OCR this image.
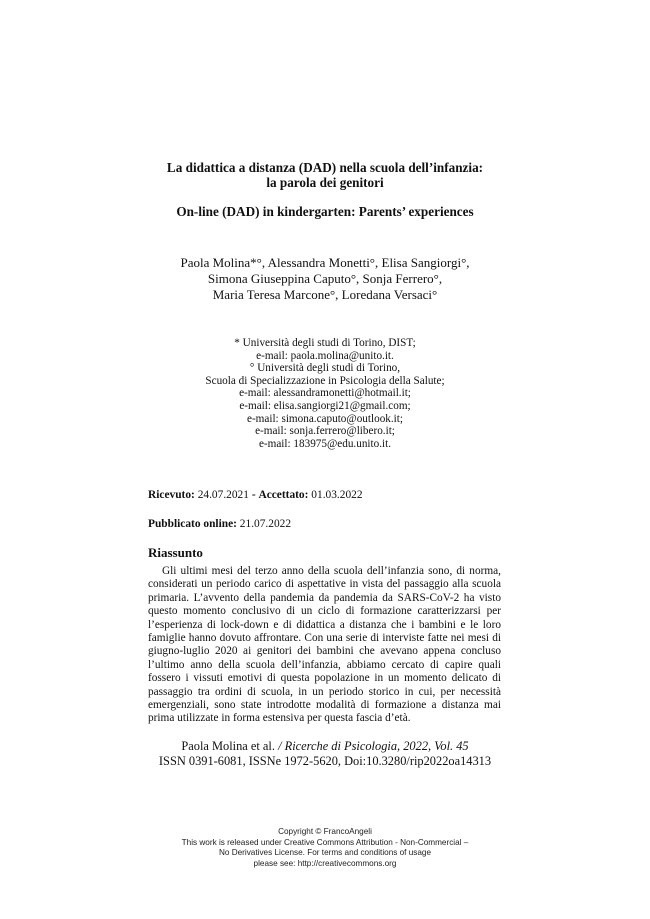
La didattica a distanza (DAD) nella scuola dell’infanzia:
la parola dei genitori
On-line (DAD) in kindergarten: Parents’ experiences
Paola Molina*°, Alessandra Monetti°, Elisa Sangiorgi°,
Simona Giuseppina Caputo°, Sonja Ferrero°,
Maria Teresa Marcone°, Loredana Versaci°
* Università degli studi di Torino, DIST;
e-mail: paola.molina@unito.it.
° Università degli studi di Torino,
Scuola di Specializzazione in Psicologia della Salute;
e-mail: alessandramonetti@hotmail.it;
e-mail: elisa.sangiorgi21@gmail.com;
e-mail: simona.caputo@outlook.it;
e-mail: sonja.ferrero@libero.it;
e-mail: 183975@edu.unito.it.
Ricevuto: 24.07.2021 - Accettato: 01.03.2022
Pubblicato online: 21.07.2022
Riassunto

Gli ultimi mesi del terzo anno della scuola dell’infanzia sono, di norma, considerati un periodo carico di aspettative in vista del passaggio alla scuola primaria. L’avvento della pandemia da pandemia da SARS-CoV-2 ha visto questo momento conclusivo di un ciclo di formazione caratterizzarsi per l’esperienza di lock-down e di didattica a distanza che i bambini e le loro famiglie hanno dovuto affrontare. Con una serie di interviste fatte nei mesi di giugno-luglio 2020 ai genitori dei bambini che avevano appena concluso l’ultimo anno della scuola dell’infanzia, abbiamo cercato di capire quali fossero i vissuti emotivi di questa popolazione in un momento delicato di passaggio tra ordini di scuola, in un periodo storico in cui, per necessità emergenziali, sono state introdotte modalità di formazione a distanza mai prima utilizzate in forma estensiva per questa fascia d’età.

Paola Molina et al. / Ricerche di Psicologia, 2022, Vol. 45
ISSN 0391-6081, ISSNe 1972-5620, Doi:10.3280/rip2022oa14313
Copyright © FrancoAngeli
This work is released under Creative Commons Attribution - Non-Commercial –
No Derivatives License. For terms and conditions of usage
please see: http://creativecommons.org
